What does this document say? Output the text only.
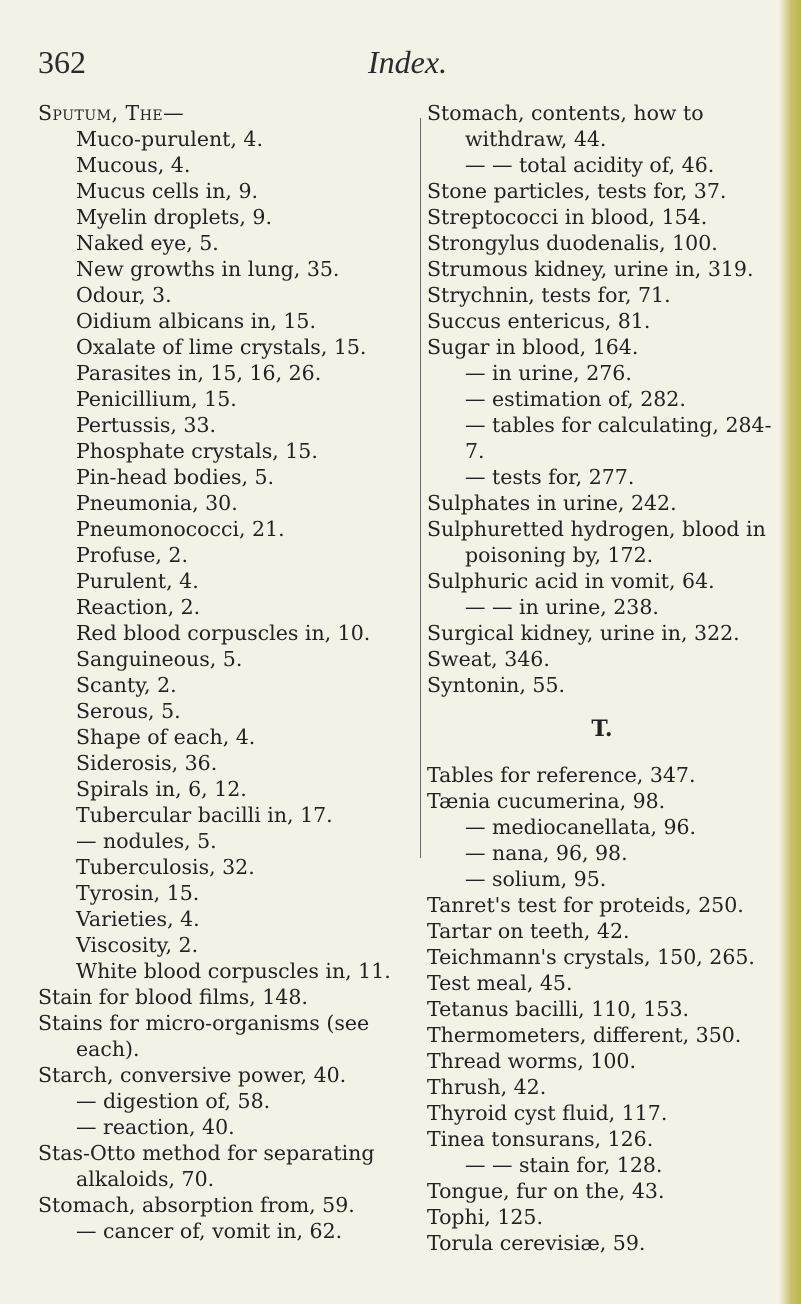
362	Index.
Sputum, The—
Muco-purulent, 4.
Mucous, 4.
Mucus cells in, 9.
Myelin droplets, 9.
Naked eye, 5.
New growths in lung, 35.
Odour, 3.
Oidium albicans in, 15.
Oxalate of lime crystals, 15.
Parasites in, 15, 16, 26.
Penicillium, 15.
Pertussis, 33.
Phosphate crystals, 15.
Pin-head bodies, 5.
Pneumonia, 30.
Pneumonococci, 21.
Profuse, 2.
Purulent, 4.
Reaction, 2.
Red blood corpuscles in, 10.
Sanguineous, 5.
Scanty, 2.
Serous, 5.
Shape of each, 4.
Siderosis, 36.
Spirals in, 6, 12.
Tubercular bacilli in, 17.
— nodules, 5.
Tuberculosis, 32.
Tyrosin, 15.
Varieties, 4.
Viscosity, 2.
White blood corpuscles in, 11.
Stain for blood films, 148.
Stains for micro-organisms (see each).
Starch, conversive power, 40.
— digestion of, 58.
— reaction, 40.
Stas-Otto method for separating alkaloids, 70.
Stomach, absorption from, 59.
— cancer of, vomit in, 62.
Stomach, contents, how to withdraw, 44.
— — total acidity of, 46.
Stone particles, tests for, 37.
Streptococci in blood, 154.
Strongylus duodenalis, 100.
Strumous kidney, urine in, 319.
Strychnin, tests for, 71.
Succus entericus, 81.
Sugar in blood, 164.
— in urine, 276.
— estimation of, 282.
— tables for calculating, 284-7.
— tests for, 277.
Sulphates in urine, 242.
Sulphuretted hydrogen, blood in poisoning by, 172.
Sulphuric acid in vomit, 64.
— — in urine, 238.
Surgical kidney, urine in, 322.
Sweat, 346.
Syntonin, 55.
T.
Tables for reference, 347.
Tænia cucumerina, 98.
— mediocanellata, 96.
— nana, 96, 98.
— solium, 95.
Tanret's test for proteids, 250.
Tartar on teeth, 42.
Teichmann's crystals, 150, 265.
Test meal, 45.
Tetanus bacilli, 110, 153.
Thermometers, different, 350.
Thread worms, 100.
Thrush, 42.
Thyroid cyst fluid, 117.
Tinea tonsurans, 126.
— — stain for, 128.
Tongue, fur on the, 43.
Tophi, 125.
Torula cerevisiæ, 59.
